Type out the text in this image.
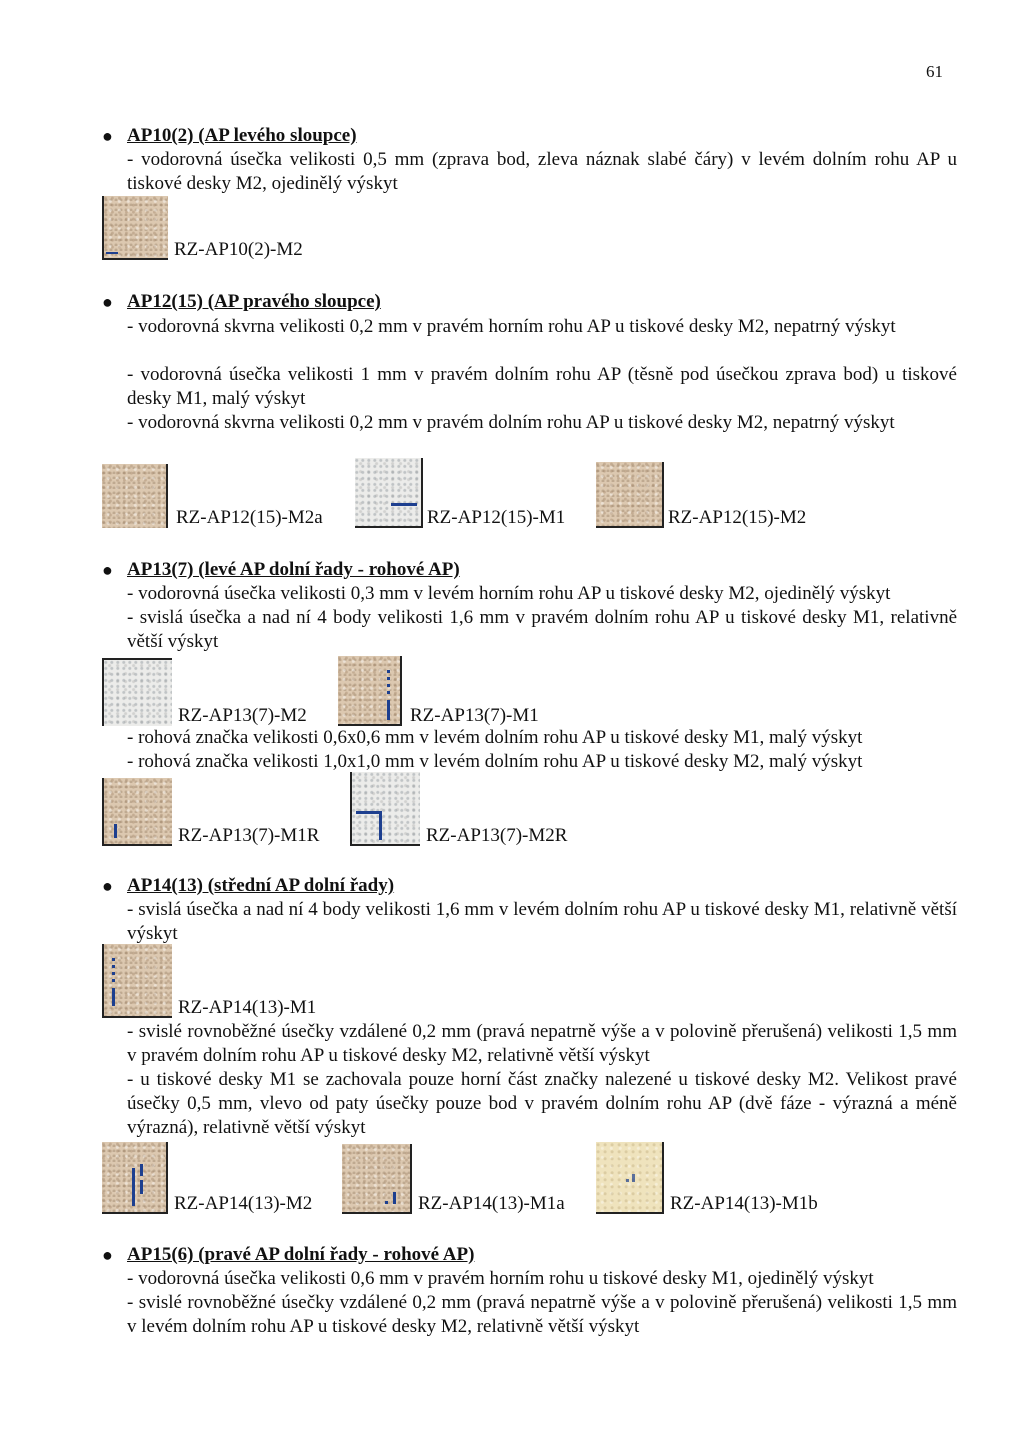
61
● AP10(2) (AP levého sloupce)
- vodorovná úsečka velikosti 0,5 mm (zprava bod, zleva náznak slabé čáry) v levém dolním rohu AP u tiskové desky M2, ojedinělý výskyt
RZ-AP10(2)-M2
● AP12(15) (AP pravého sloupce)
- vodorovná skvrna velikosti 0,2 mm v pravém horním rohu AP u tiskové desky M2, nepatrný výskyt
- vodorovná úsečka velikosti 1 mm v pravém dolním rohu AP (těsně pod úsečkou zprava bod) u tiskové desky M1, malý výskyt
- vodorovná skvrna velikosti 0,2 mm v pravém dolním rohu AP u tiskové desky M2, nepatrný výskyt
RZ-AP12(15)-M2a	RZ-AP12(15)-M1	RZ-AP12(15)-M2
● AP13(7) (levé AP dolní řady - rohové AP)
- vodorovná úsečka velikosti 0,3 mm v levém horním rohu AP u tiskové desky M2, ojedinělý výskyt
- svislá úsečka a nad ní 4 body velikosti 1,6 mm v pravém dolním rohu AP u tiskové desky M1, relativně větší výskyt
RZ-AP13(7)-M2	RZ-AP13(7)-M1
- rohová značka velikosti 0,6x0,6 mm v levém dolním rohu AP u tiskové desky M1, malý výskyt
- rohová značka velikosti 1,0x1,0 mm v levém dolním rohu AP u tiskové desky M2, malý výskyt
RZ-AP13(7)-M1R	RZ-AP13(7)-M2R
● AP14(13) (střední AP dolní řady)
- svislá úsečka a nad ní 4 body velikosti 1,6 mm v levém dolním rohu AP u tiskové desky M1, relativně větší výskyt
RZ-AP14(13)-M1
- svislé rovnoběžné úsečky vzdálené 0,2 mm (pravá nepatrně výše a v polovině přerušená) velikosti 1,5 mm v pravém dolním rohu AP u tiskové desky M2, relativně větší výskyt
- u tiskové desky M1 se zachovala pouze horní část značky nalezené u tiskové desky M2. Velikost pravé úsečky 0,5 mm, vlevo od paty úsečky pouze bod v pravém dolním rohu AP (dvě fáze - výrazná a méně výrazná), relativně větší výskyt
RZ-AP14(13)-M2	RZ-AP14(13)-M1a	RZ-AP14(13)-M1b
● AP15(6) (pravé AP dolní řady - rohové AP)
- vodorovná úsečka velikosti 0,6 mm v pravém horním rohu u tiskové desky M1, ojedinělý výskyt
- svislé rovnoběžné úsečky vzdálené 0,2 mm (pravá nepatrně výše a v polovině přerušená) velikosti 1,5 mm v levém dolním rohu AP u tiskové desky M2, relativně větší výskyt
